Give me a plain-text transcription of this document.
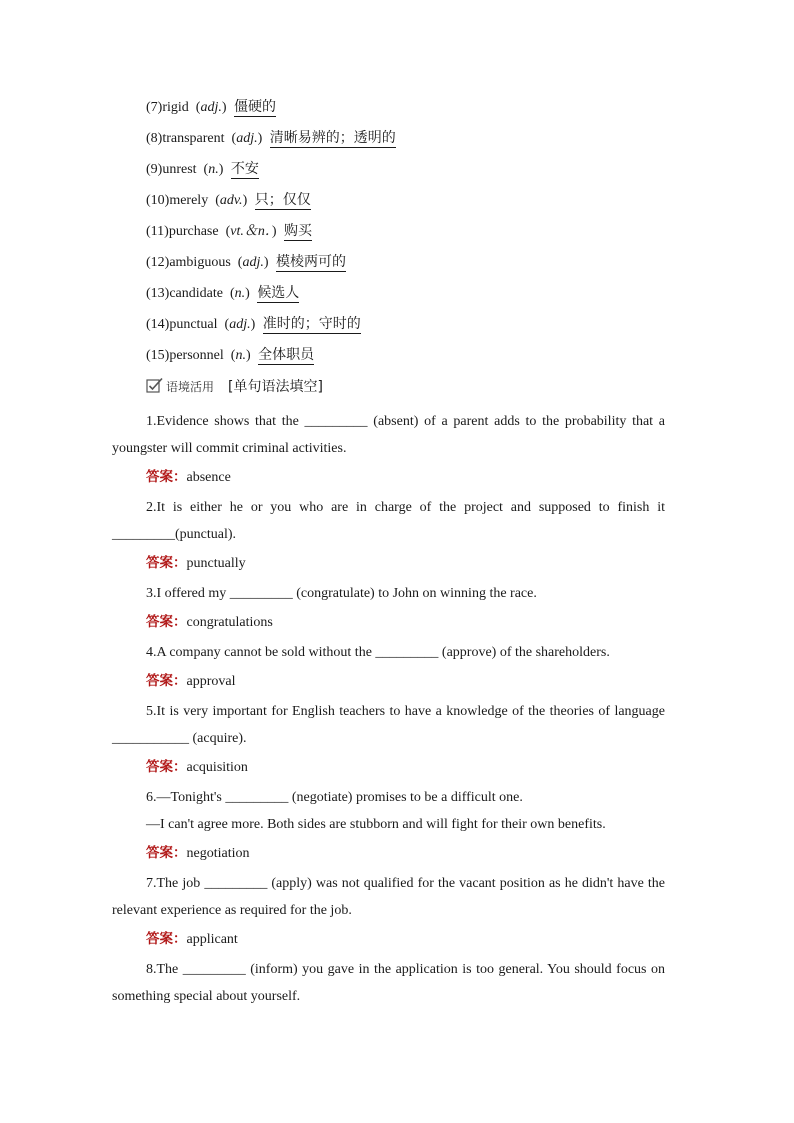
(7)rigid  (adj.) 僵硬的
(8)transparent  (adj.) 清晰易辨的；透明的
(9)unrest  (n.) 不安
(10)merely  (adv.) 只；仅仅
(11)purchase  (vt.＆n．) 购买
(12)ambiguous  (adj.) 模棱两可的
(13)candidate  (n.) 候选人
(14)punctual  (adj.) 准时的；守时的
(15)personnel  (n.) 全体职员
语境活用 [单句语法填空]

1.Evidence shows that the _________ (absent) of a parent adds to the probability that a youngster will commit criminal activities.

答案：absence

2.It is either he or you who are in charge of the project and supposed to finish it _________(punctual).

答案：punctually

3.I offered my _________ (congratulate) to John on winning the race.

答案：congratulations

4.A company cannot be sold without the _________ (approve) of the shareholders.

答案：approval

5.It is very important for English teachers to have a knowledge of the theories of language ___________ (acquire).

答案：acquisition

6.—Tonight's _________ (negotiate) promises to be a difficult one.

—I can't agree more. Both sides are stubborn and will fight for their own benefits.

答案：negotiation

7.The job _________ (apply) was not qualified for the vacant position as he didn't have the relevant experience as required for the job.

答案：applicant

8.The _________ (inform) you gave in the application is too general. You should focus on something special about yourself.
